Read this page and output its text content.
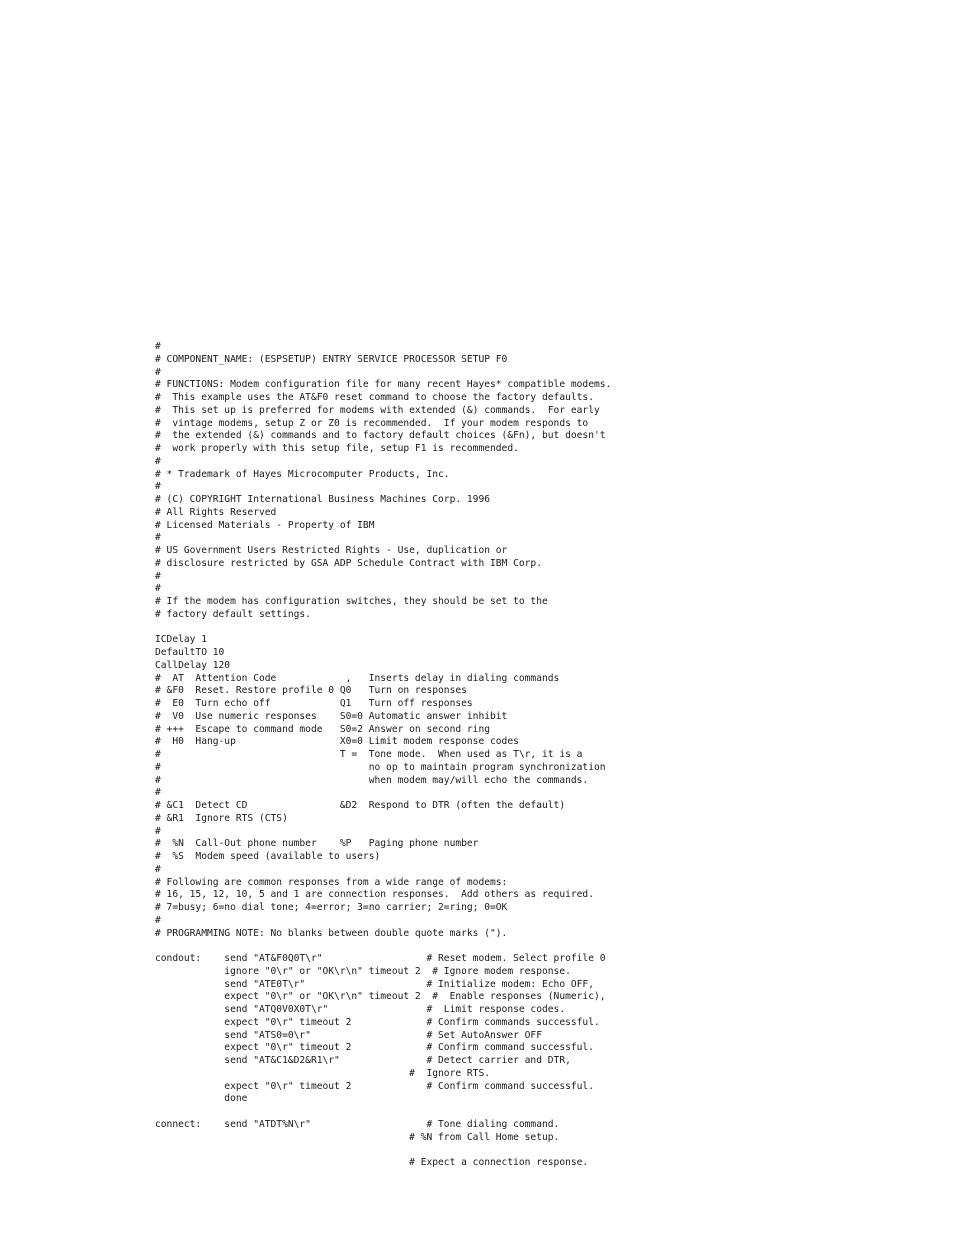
#
# COMPONENT_NAME: (ESPSETUP) ENTRY SERVICE PROCESSOR SETUP F0
#
# FUNCTIONS: Modem configuration file for many recent Hayes* compatible modems.
#  This example uses the AT&F0 reset command to choose the factory defaults.
#  This set up is preferred for modems with extended (&) commands.  For early
#  vintage modems, setup Z or Z0 is recommended.  If your modem responds to
#  the extended (&) commands and to factory default choices (&Fn), but doesn't
#  work properly with this setup file, setup F1 is recommended.
#
# * Trademark of Hayes Microcomputer Products, Inc.
#
# (C) COPYRIGHT International Business Machines Corp. 1996
# All Rights Reserved
# Licensed Materials - Property of IBM
#
# US Government Users Restricted Rights - Use, duplication or
# disclosure restricted by GSA ADP Schedule Contract with IBM Corp.
#
#
# If the modem has configuration switches, they should be set to the
# factory default settings.

ICDelay 1
DefaultTO 10
CallDelay 120
#  AT  Attention Code            ,   Inserts delay in dialing commands
# &F0  Reset. Restore profile 0 Q0   Turn on responses
#  E0  Turn echo off            Q1   Turn off responses
#  V0  Use numeric responses    S0=0 Automatic answer inhibit
# +++  Escape to command mode   S0=2 Answer on second ring
#  H0  Hang-up                  X0=0 Limit modem response codes
#                               T =  Tone mode.  When used as T\r, it is a
#                                    no op to maintain program synchronization
#                                    when modem may/will echo the commands.
#
# &C1  Detect CD                &D2  Respond to DTR (often the default)
# &R1  Ignore RTS (CTS)
#
#  %N  Call-Out phone number    %P   Paging phone number
#  %S  Modem speed (available to users)
#
# Following are common responses from a wide range of modems:
# 16, 15, 12, 10, 5 and 1 are connection responses.  Add others as required.
# 7=busy; 6=no dial tone; 4=error; 3=no carrier; 2=ring; 0=OK
#
# PROGRAMMING NOTE: No blanks between double quote marks (").

condout:    send "AT&F0Q0T\r"                  # Reset modem. Select profile 0
ignore "0\r" or "OK\r\n" timeout 2  # Ignore modem response.
send "ATE0T\r"                     # Initialize modem: Echo OFF,
expect "0\r" or "OK\r\n" timeout 2  #  Enable responses (Numeric),
send "ATQ0V0X0T\r"                 #  Limit response codes.
expect "0\r" timeout 2             # Confirm commands successful.
send "ATS0=0\r"                    # Set AutoAnswer OFF
expect "0\r" timeout 2             # Confirm command successful.
send "AT&C1&D2&R1\r"               # Detect carrier and DTR,
#  Ignore RTS.
expect "0\r" timeout 2             # Confirm command successful.
done

connect:    send "ATDT%N\r"                    # Tone dialing command.
# %N from Call Home setup.

# Expect a connection response.
